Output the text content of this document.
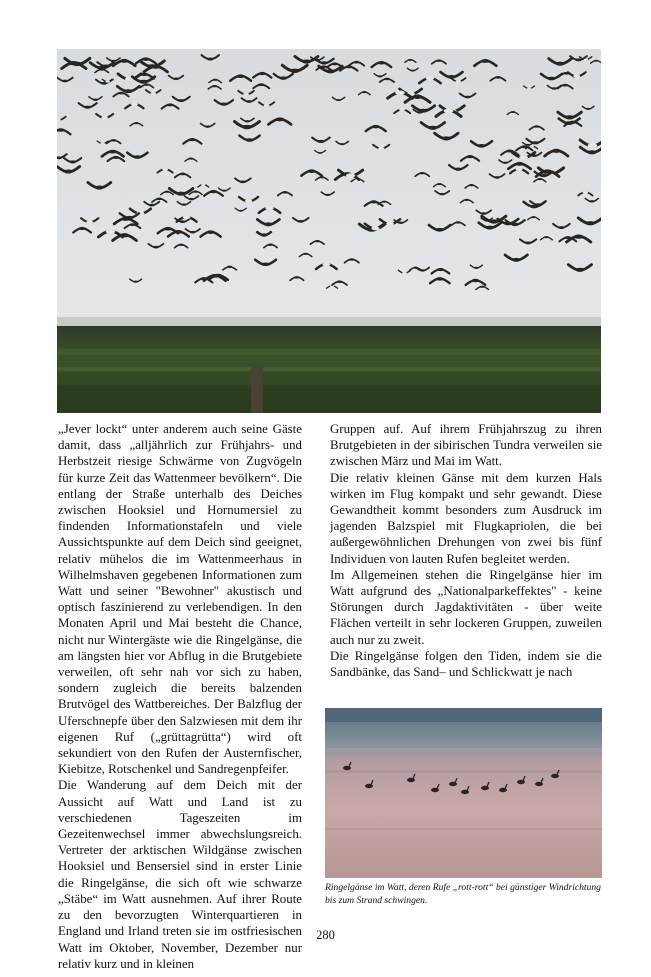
„Jever lockt“ unter anderem auch seine Gäste damit, dass „alljährlich zur Frühjahrs- und Herbstzeit riesige Schwärme von Zugvögeln für kurze Zeit das Wattenmeer bevölkern“. Die entlang der Straße unterhalb des Deiches zwischen Hooksiel und Hornumersiel zu findenden Informationstafeln und viele Aussichtspunkte auf dem Deich sind geeignet, relativ mühelos die im Wattenmeerhaus in Wilhelmshaven gegebenen Informationen zum Watt und seiner "Bewohner" akustisch und optisch faszinierend zu verlebendigen. In den Monaten April und Mai besteht die Chance, nicht nur Wintergäste wie die Ringelgänse, die am längsten hier vor Abflug in die Brutgebiete verweilen, oft sehr nah vor sich zu haben, sondern zugleich die bereits balzenden Brutvögel des Wattbereiches. Der Balzflug der Uferschnepfe über den Salzwiesen mit dem ihr eigenen Ruf („grüttagrütta“) wird oft sekundiert von den Rufen der Austernfischer, Kiebitze, Rotschenkel und Sandregenpfeifer.

Die Wanderung auf dem Deich mit der Aussicht auf Watt und Land ist zu verschiedenen Tageszeiten im Gezeitenwechsel immer abwechslungsreich. Vertreter der arktischen Wildgänse zwischen Hooksiel und Bensersiel sind in erster Linie die Ringelgänse, die sich oft wie schwarze „Stäbe“ im Watt ausnehmen. Auf ihrer Route zu den bevorzugten Winterquartieren in England und Irland treten sie im ostfriesischen Watt im Oktober, November, Dezember nur relativ kurz und in kleinen

Gruppen auf. Auf ihrem Frühjahrszug zu ihren Brutgebieten in der sibirischen Tundra verweilen sie zwischen März und Mai im Watt.

Die relativ kleinen Gänse mit dem kurzen Hals wirken im Flug kompakt und sehr gewandt. Diese Gewandtheit kommt besonders zum Ausdruck im jagenden Balzspiel mit Flugkapriolen, die bei außergewöhnlichen Drehungen von zwei bis fünf Individuen von lauten Rufen begleitet werden.

Im Allgemeinen stehen die Ringelgänse hier im Watt aufgrund des „Nationalparkeffektes" - keine Störungen durch Jagdaktivitäten - über weite Flächen verteilt in sehr lockeren Gruppen, zuweilen auch nur zu zweit.

Die Ringelgänse folgen den Tiden, indem sie die Sandbänke, das Sand– und Schlickwatt je nach

Ringelgänse im Watt, deren Rufe „rott-rott“ bei günstiger Windrichtung bis zum Strand schwingen.
280
